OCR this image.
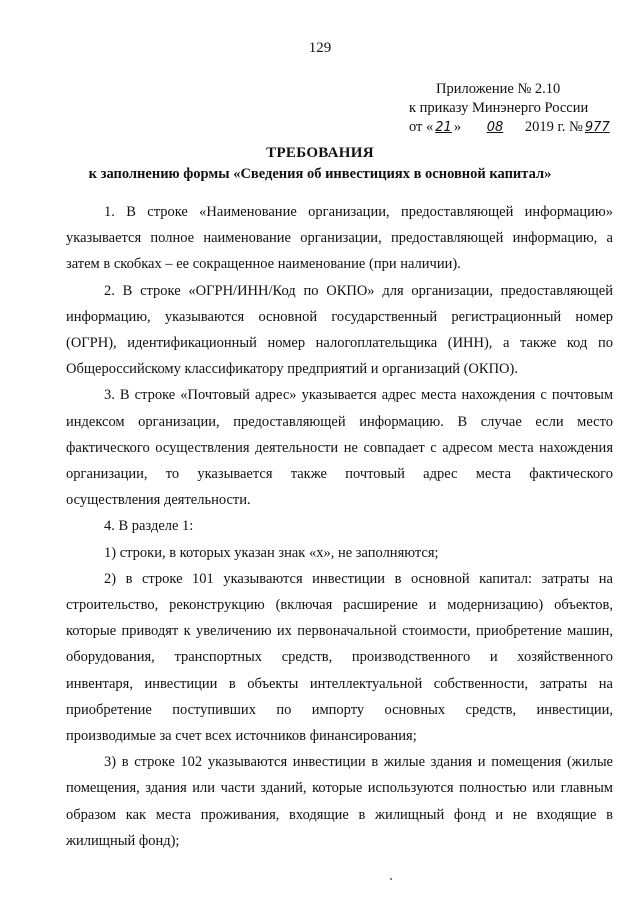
129
Приложение № 2.10
к приказу Минэнерго России
от « 21 » 08 2019 г. № 977
ТРЕБОВАНИЯ
к заполнению формы «Сведения об инвестициях в основной капитал»
1. В строке «Наименование организации, предоставляющей информацию»
указывается полное наименование организации, предоставляющей информацию, а
затем в скобках – ее сокращенное наименование (при наличии).
2. В строке «ОГРН/ИНН/Код по ОКПО» для организации, предоставляющей
информацию, указываются основной государственный регистрационный номер
(ОГРН), идентификационный номер налогоплательщика (ИНН), а также код по
Общероссийскому классификатору предприятий и организаций (ОКПО).
3. В строке «Почтовый адрес» указывается адрес места нахождения с почтовым
индексом организации, предоставляющей информацию. В случае если место
фактического осуществления деятельности не совпадает с адресом места нахождения
организации, то указывается также почтовый адрес места фактического
осуществления деятельности.
4. В разделе 1:
1) строки, в которых указан знак «х», не заполняются;
2) в строке 101 указываются инвестиции в основной капитал: затраты на
строительство, реконструкцию (включая расширение и модернизацию) объектов,
которые приводят к увеличению их первоначальной стоимости, приобретение машин,
оборудования, транспортных средств, производственного и хозяйственного
инвентаря, инвестиции в объекты интеллектуальной собственности, затраты на
приобретение поступивших по импорту основных средств, инвестиции,
производимые за счет всех источников финансирования;
3) в строке 102 указываются инвестиции в жилые здания и помещения (жилые
помещения, здания или части зданий, которые используются полностью или главным
образом как места проживания, входящие в жилищный фонд и не входящие в
жилищный фонд);
